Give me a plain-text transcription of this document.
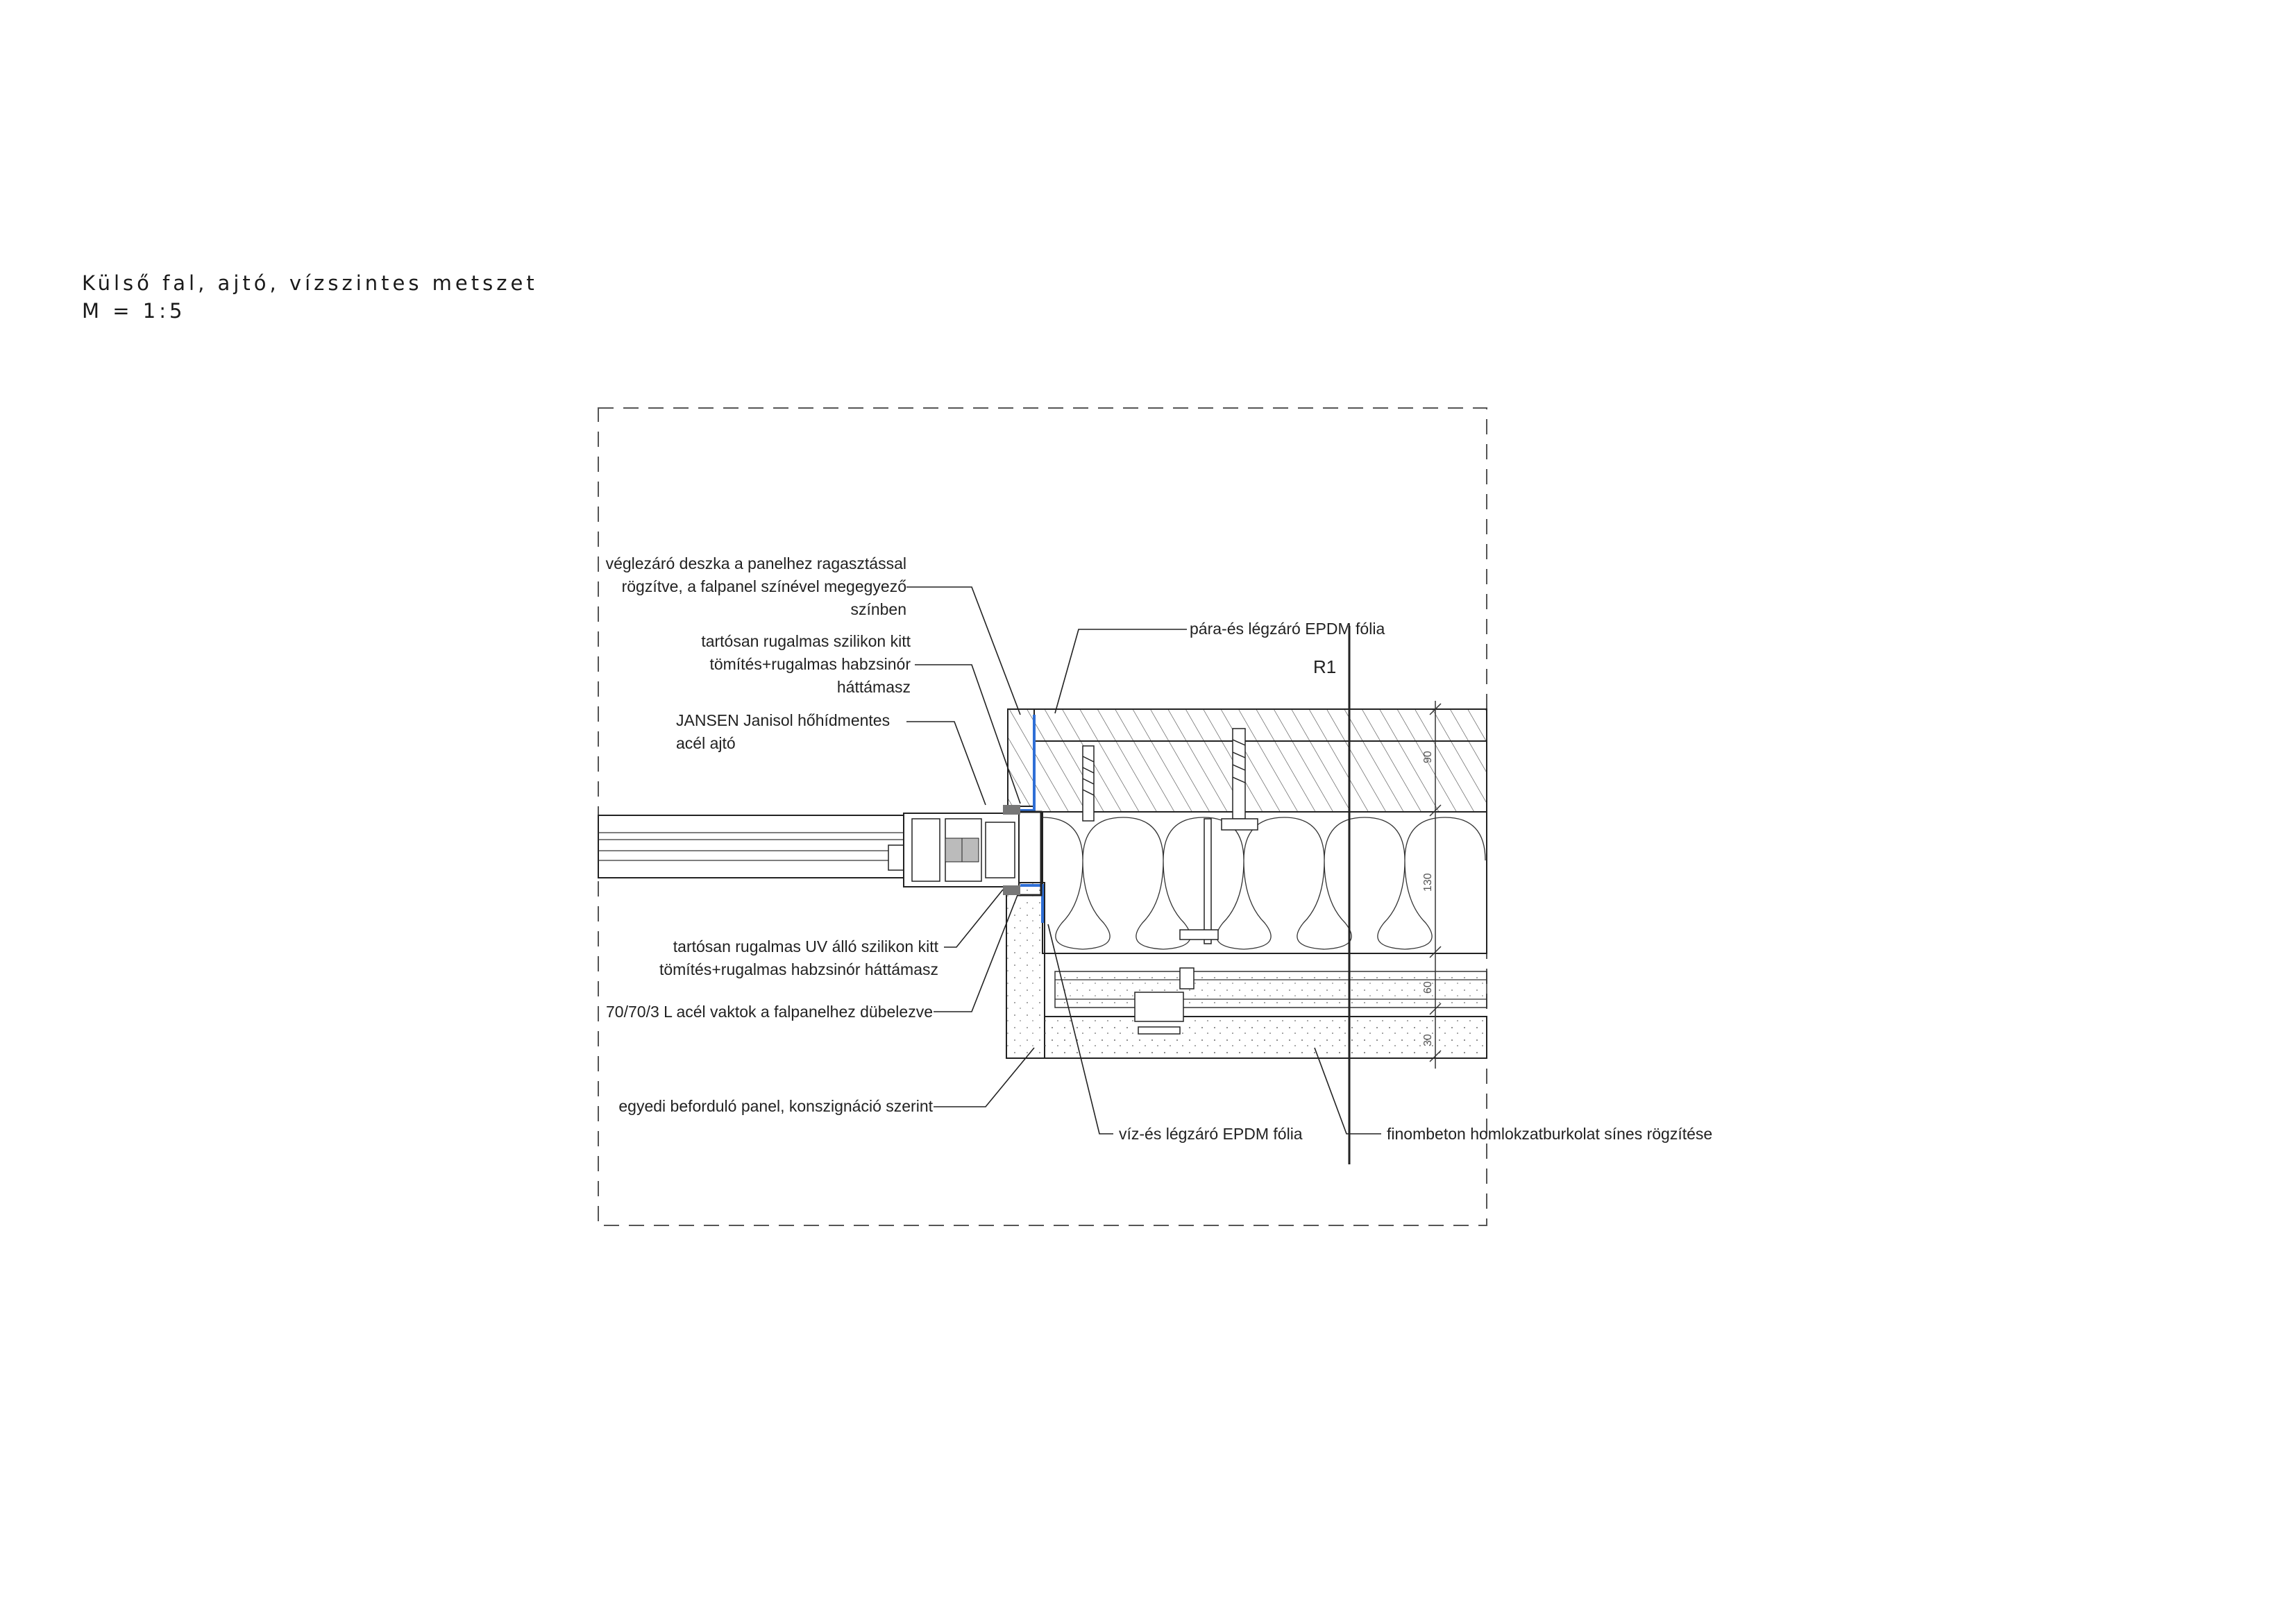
Külső fal, ajtó, vízszintes metszet
M = 1:5
90
130
60
30
véglezáró deszka a panelhez ragasztással
rögzítve, a falpanel színével megegyező
színben
tartósan rugalmas szilikon kitt
tömítés+rugalmas habzsinór
háttámasz
JANSEN Janisol hőhídmentes
acél ajtó
tartósan rugalmas UV álló szilikon kitt
tömítés+rugalmas habzsinór háttámasz
70/70/3 L acél vaktok a falpanelhez dübelezve
egyedi beforduló panel, konszignáció szerint
pára-és légzáró EPDM fólia
R1
víz-és légzáró EPDM fólia	finombeton homlokzatburkolat sínes rögzítése
